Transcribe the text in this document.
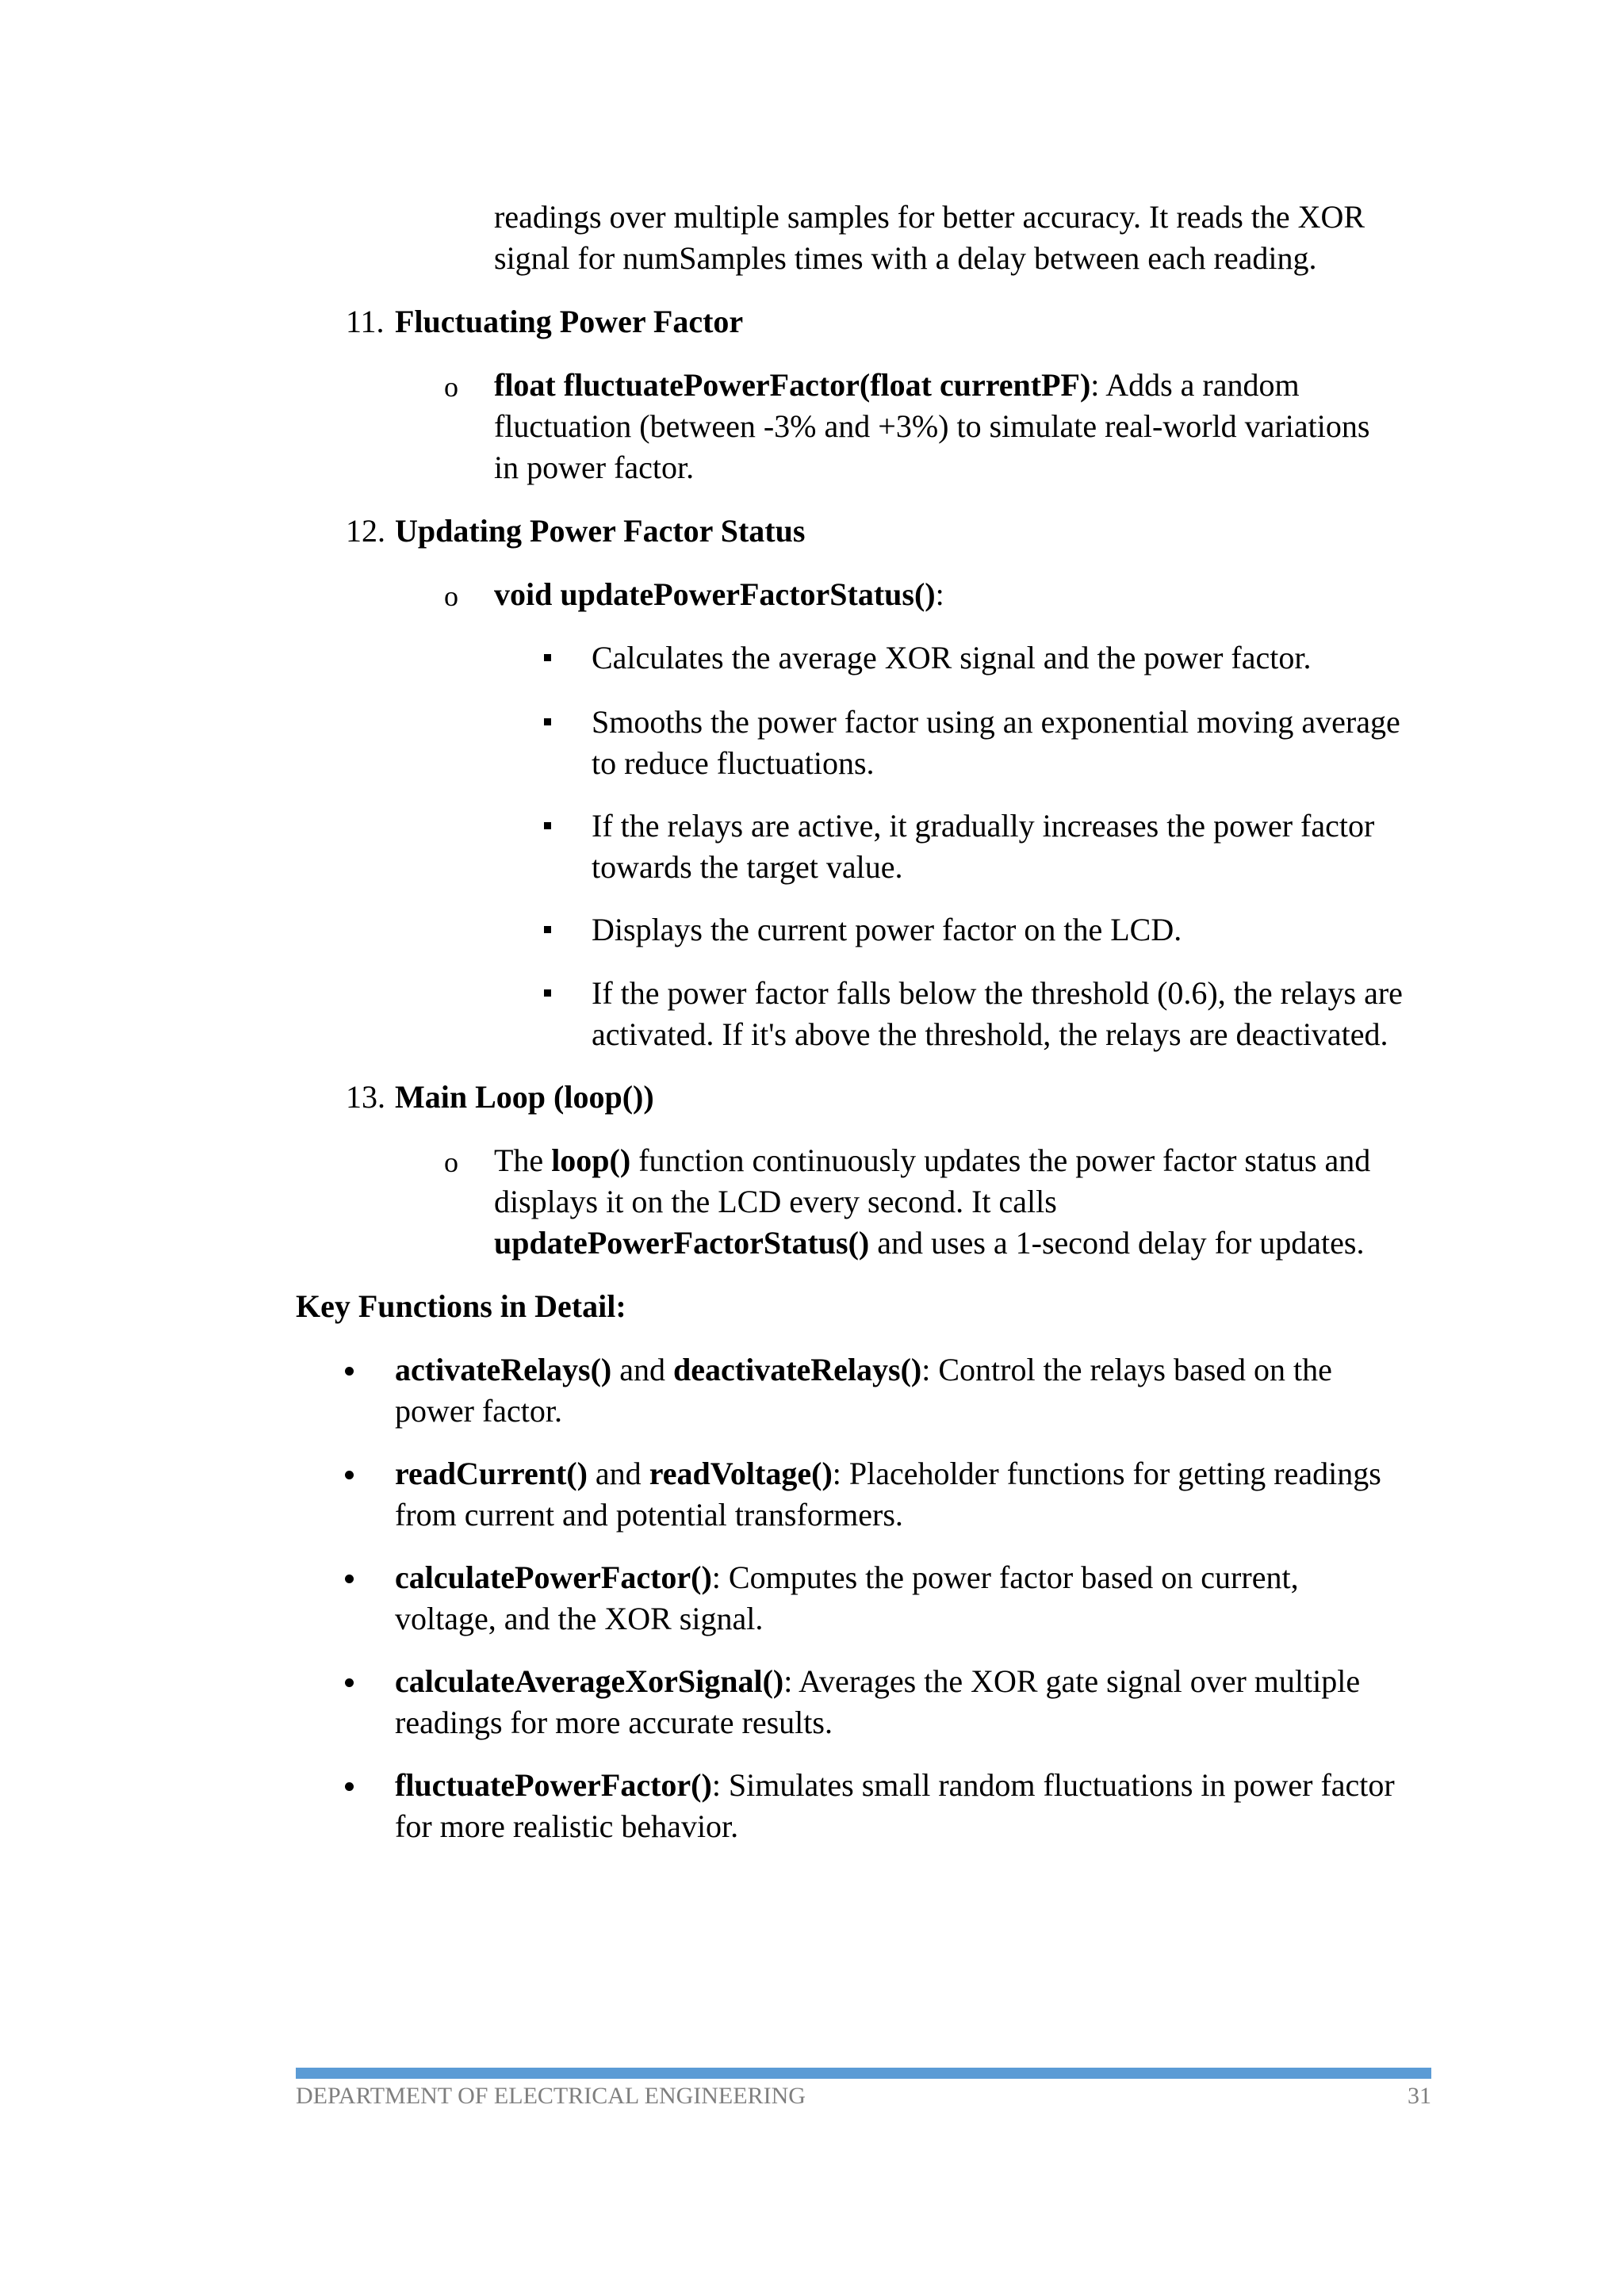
readings over multiple samples for better accuracy. It reads the XOR
signal for numSamples times with a delay between each reading.
11. Fluctuating Power Factor
o float fluctuatePowerFactor(float currentPF): Adds a random
fluctuation (between -3% and +3%) to simulate real-world variations
in power factor.
12. Updating Power Factor Status
o void updatePowerFactorStatus():
Calculates the average XOR signal and the power factor.
Smooths the power factor using an exponential moving average
to reduce fluctuations.
If the relays are active, it gradually increases the power factor
towards the target value.
Displays the current power factor on the LCD.
If the power factor falls below the threshold (0.6), the relays are
activated. If it's above the threshold, the relays are deactivated.
13. Main Loop (loop())
o The loop() function continuously updates the power factor status and
displays it on the LCD every second. It calls
updatePowerFactorStatus() and uses a 1-second delay for updates.
Key Functions in Detail:
activateRelays() and deactivateRelays(): Control the relays based on the
power factor.
readCurrent() and readVoltage(): Placeholder functions for getting readings
from current and potential transformers.
calculatePowerFactor(): Computes the power factor based on current,
voltage, and the XOR signal.
calculateAverageXorSignal(): Averages the XOR gate signal over multiple
readings for more accurate results.
fluctuatePowerFactor(): Simulates small random fluctuations in power factor
for more realistic behavior.
DEPARTMENT OF ELECTRICAL ENGINEERING	31
